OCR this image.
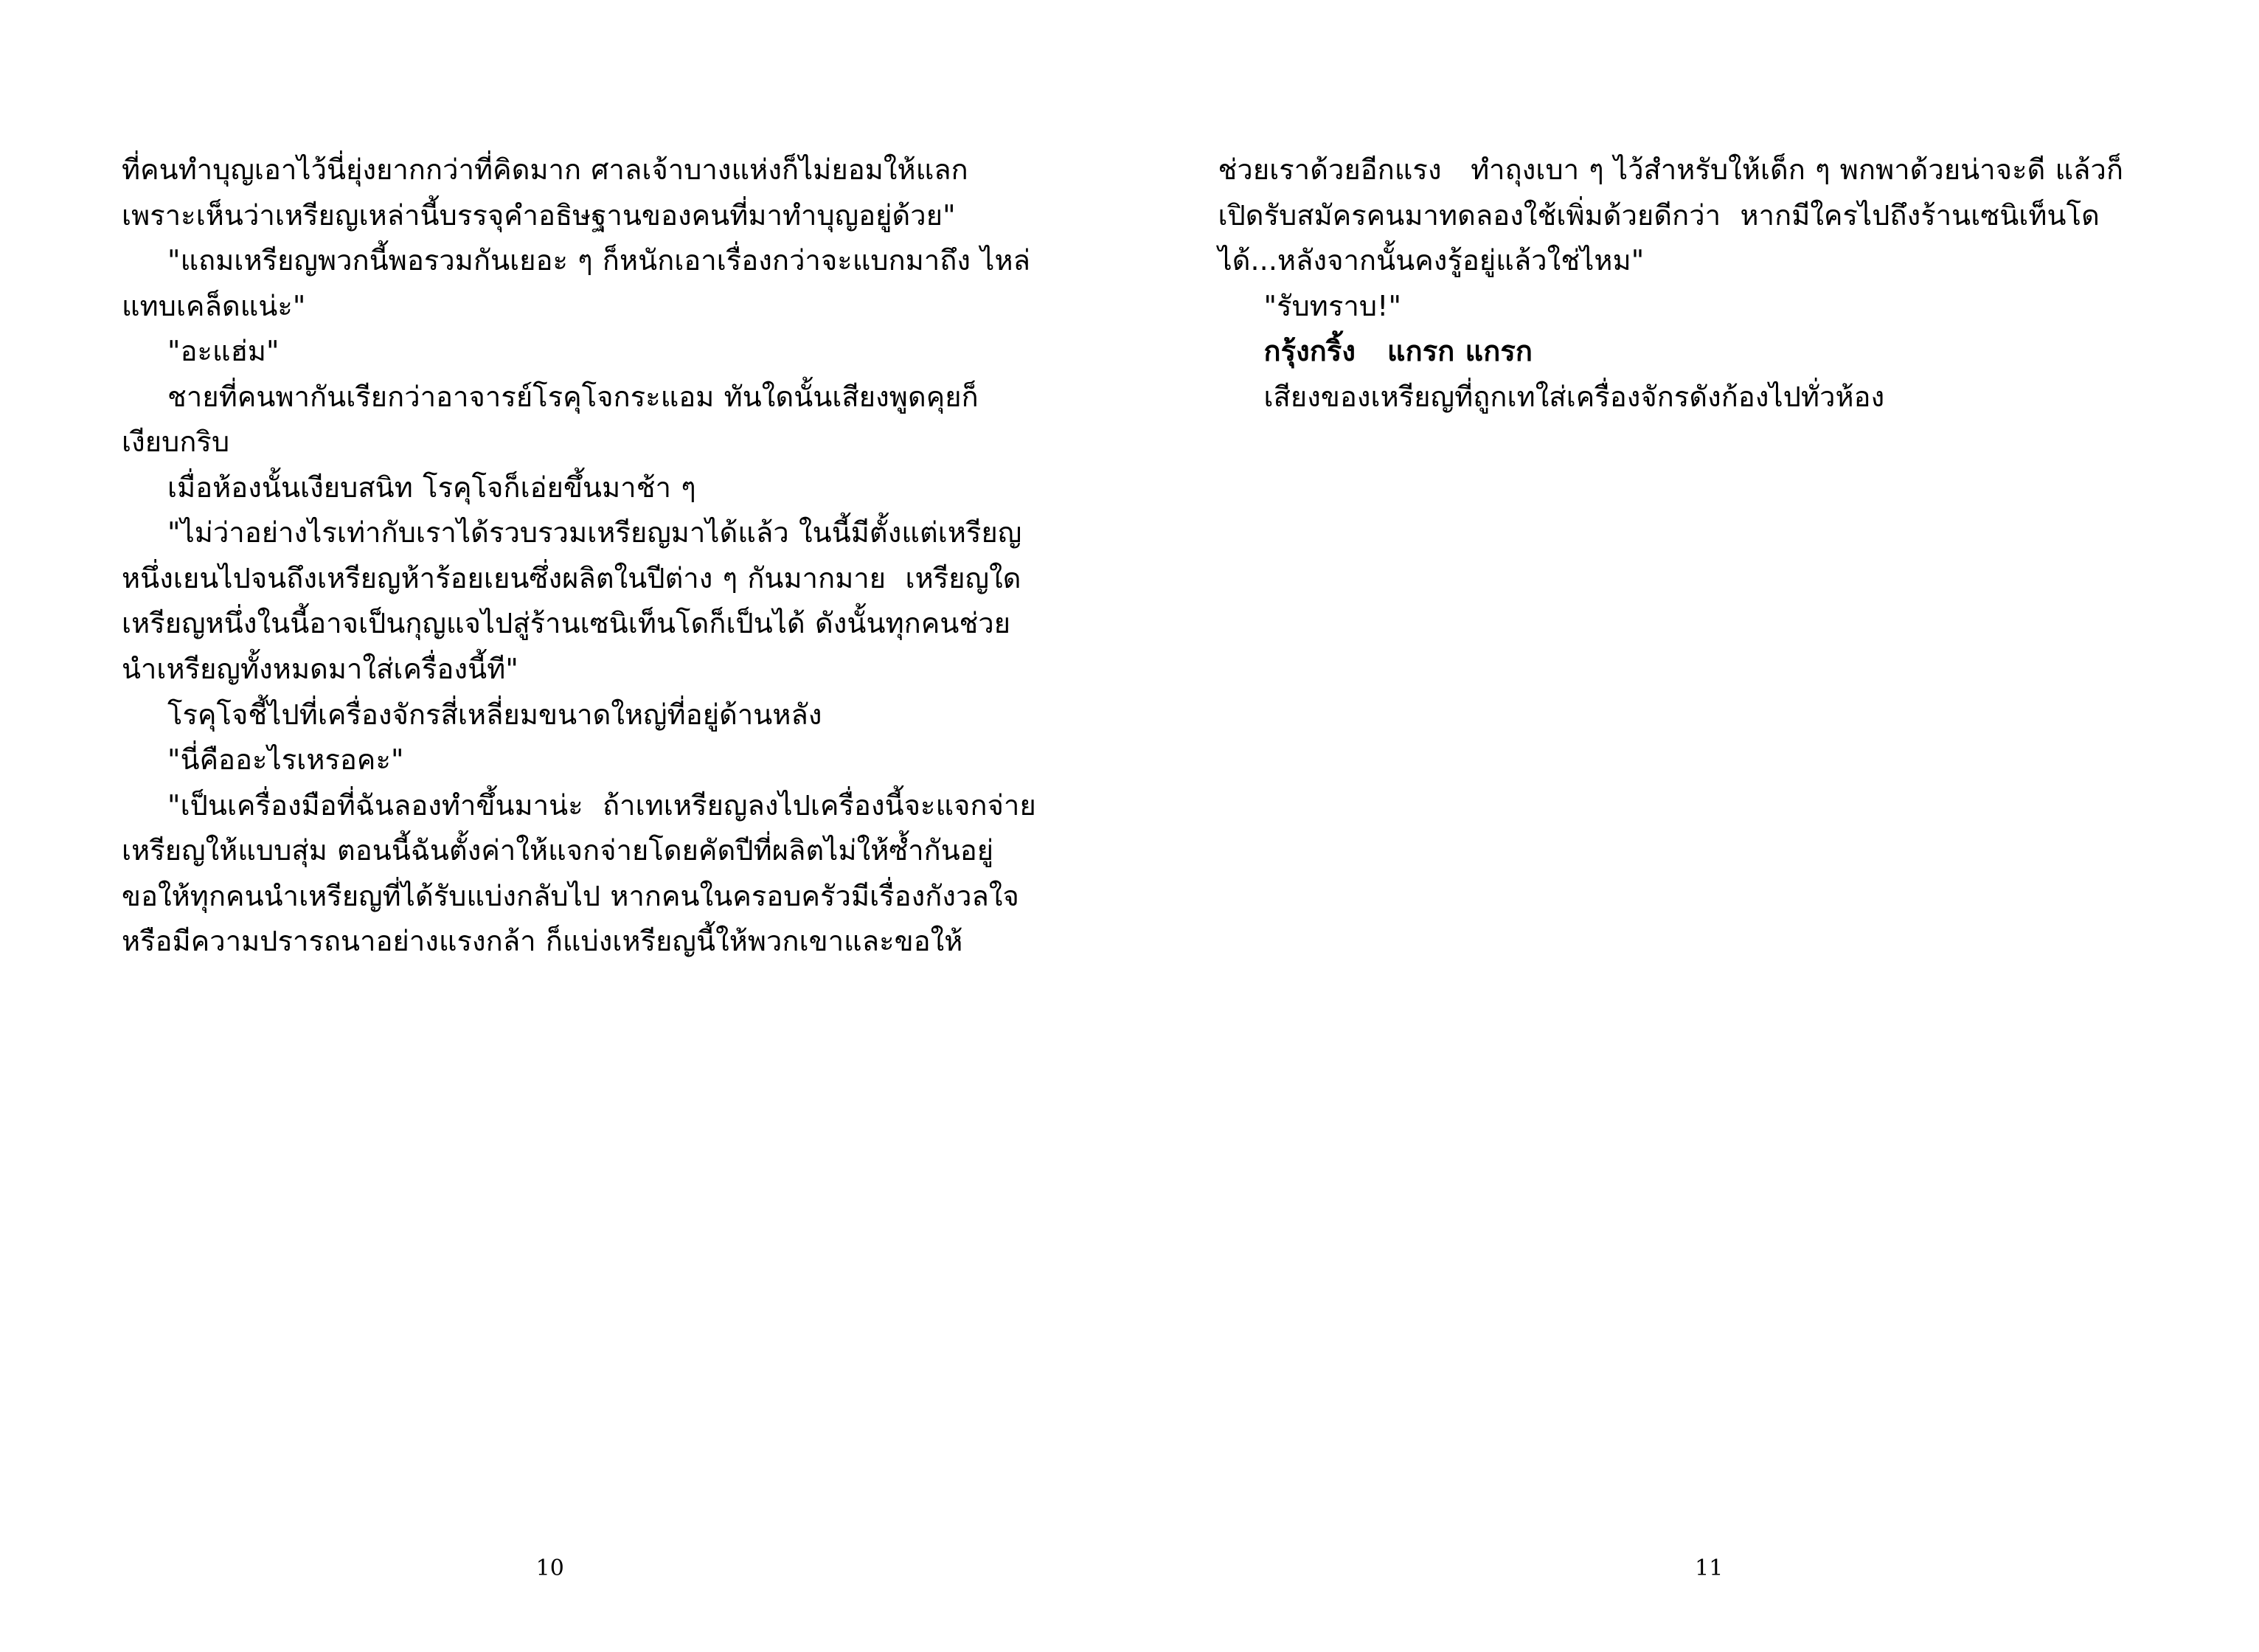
ที่คนทำบุญเอาไว้นี่ยุ่งยากกว่าที่คิดมาก ศาลเจ้าบางแห่งก็ไม่ยอมให้แลก เพราะเห็นว่าเหรียญเหล่านี้บรรจุคำอธิษฐานของคนที่มาทำบุญอยู่ด้วย"

"แถมเหรียญพวกนี้พอรวมกันเยอะ ๆ ก็หนักเอาเรื่องกว่าจะแบกมาถึง ไหล่แทบเคล็ดแน่ะ"

"อะแฮ่ม"

ชายที่คนพากันเรียกว่าอาจารย์โรคุโจกระแอม ทันใดนั้นเสียงพูดคุยก็เงียบกริบ

เมื่อห้องนั้นเงียบสนิท โรคุโจก็เอ่ยขึ้นมาช้า ๆ

"ไม่ว่าอย่างไรเท่ากับเราได้รวบรวมเหรียญมาได้แล้ว ในนี้มีตั้งแต่เหรียญหนึ่งเยนไปจนถึงเหรียญห้าร้อยเยนซึ่งผลิตในปีต่าง ๆ กันมากมาย  เหรียญใดเหรียญหนึ่งในนี้อาจเป็นกุญแจไปสู่ร้านเซนิเท็นโดก็เป็นได้ ดังนั้นทุกคนช่วยนำเหรียญทั้งหมดมาใส่เครื่องนี้ที"

โรคุโจชี้ไปที่เครื่องจักรสี่เหลี่ยมขนาดใหญ่ที่อยู่ด้านหลัง

"นี่คืออะไรเหรอคะ"

"เป็นเครื่องมือที่ฉันลองทำขึ้นมาน่ะ  ถ้าเทเหรียญลงไปเครื่องนี้จะแจกจ่ายเหรียญให้แบบสุ่ม ตอนนี้ฉันตั้งค่าให้แจกจ่ายโดยคัดปีที่ผลิตไม่ให้ซ้ำกันอยู่  ขอให้ทุกคนนำเหรียญที่ได้รับแบ่งกลับไป หากคนในครอบครัวมีเรื่องกังวลใจหรือมีความปรารถนาอย่างแรงกล้า ก็แบ่งเหรียญนี้ให้พวกเขาและขอให้

10

ช่วยเราด้วยอีกแรง   ทำถุงเบา ๆ ไว้สำหรับให้เด็ก ๆ พกพาด้วยน่าจะดี แล้วก็เปิดรับสมัครคนมาทดลองใช้เพิ่มด้วยดีกว่า  หากมีใครไปถึงร้านเซนิเท็นโดได้...หลังจากนั้นคงรู้อยู่แล้วใช่ไหม"

"รับทราบ!"

กรุ้งกริ้ง   แกรก แกรก

เสียงของเหรียญที่ถูกเทใส่เครื่องจักรดังก้องไปทั่วห้อง

11
